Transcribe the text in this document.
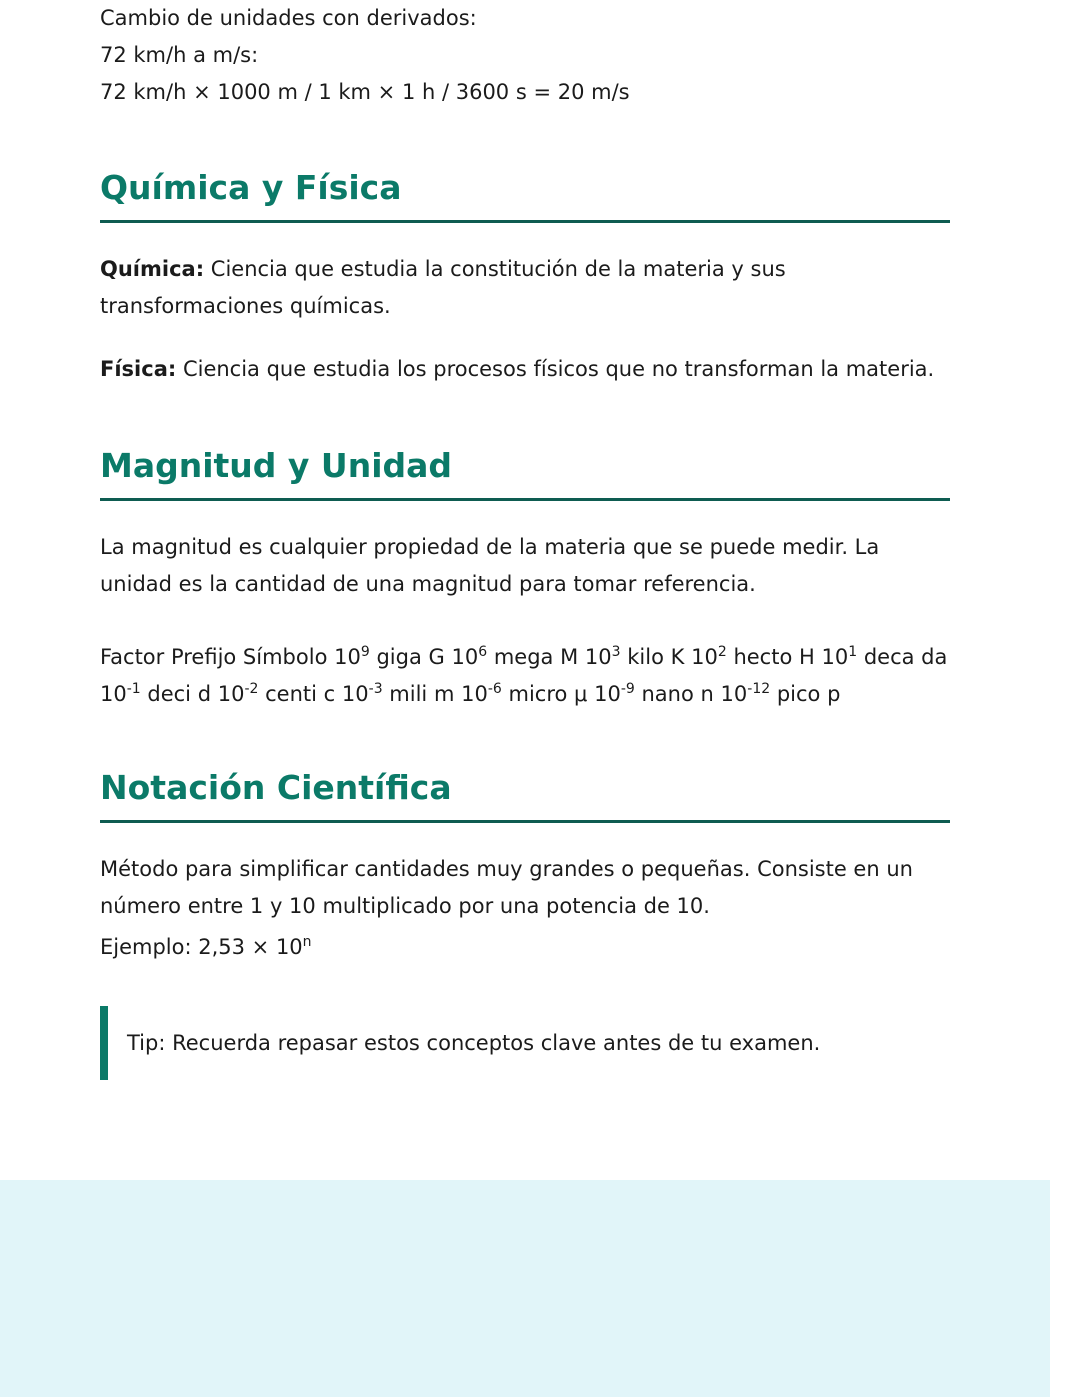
Cambio de unidades con derivados:

72 km/h a m/s:

72 km/h × 1000 m / 1 km × 1 h / 3600 s = 20 m/s

Química y Física

Química: Ciencia que estudia la constitución de la materia y sus
transformaciones químicas.

Física: Ciencia que estudia los procesos físicos que no transforman la materia.

Magnitud y Unidad

La magnitud es cualquier propiedad de la materia que se puede medir. La
unidad es la cantidad de una magnitud para tomar referencia.

Factor Prefijo Símbolo $10^9$ giga G $10^6$ mega M $10^3$ kilo K $10^2$ hecto H $10^1$ deca da $10^{-1}$ deci d $10^{-2}$ centi c $10^{-3}$ mili m $10^{-6}$ micro μ $10^{-9}$ nano n $10^{-12}$ pico p

Notación Científica

Método para simplificar cantidades muy grandes o pequeñas. Consiste en un
número entre 1 y 10 multiplicado por una potencia de 10.

Ejemplo: $2,53 \times 10^n$

Tip: Recuerda repasar estos conceptos clave antes de tu examen.
